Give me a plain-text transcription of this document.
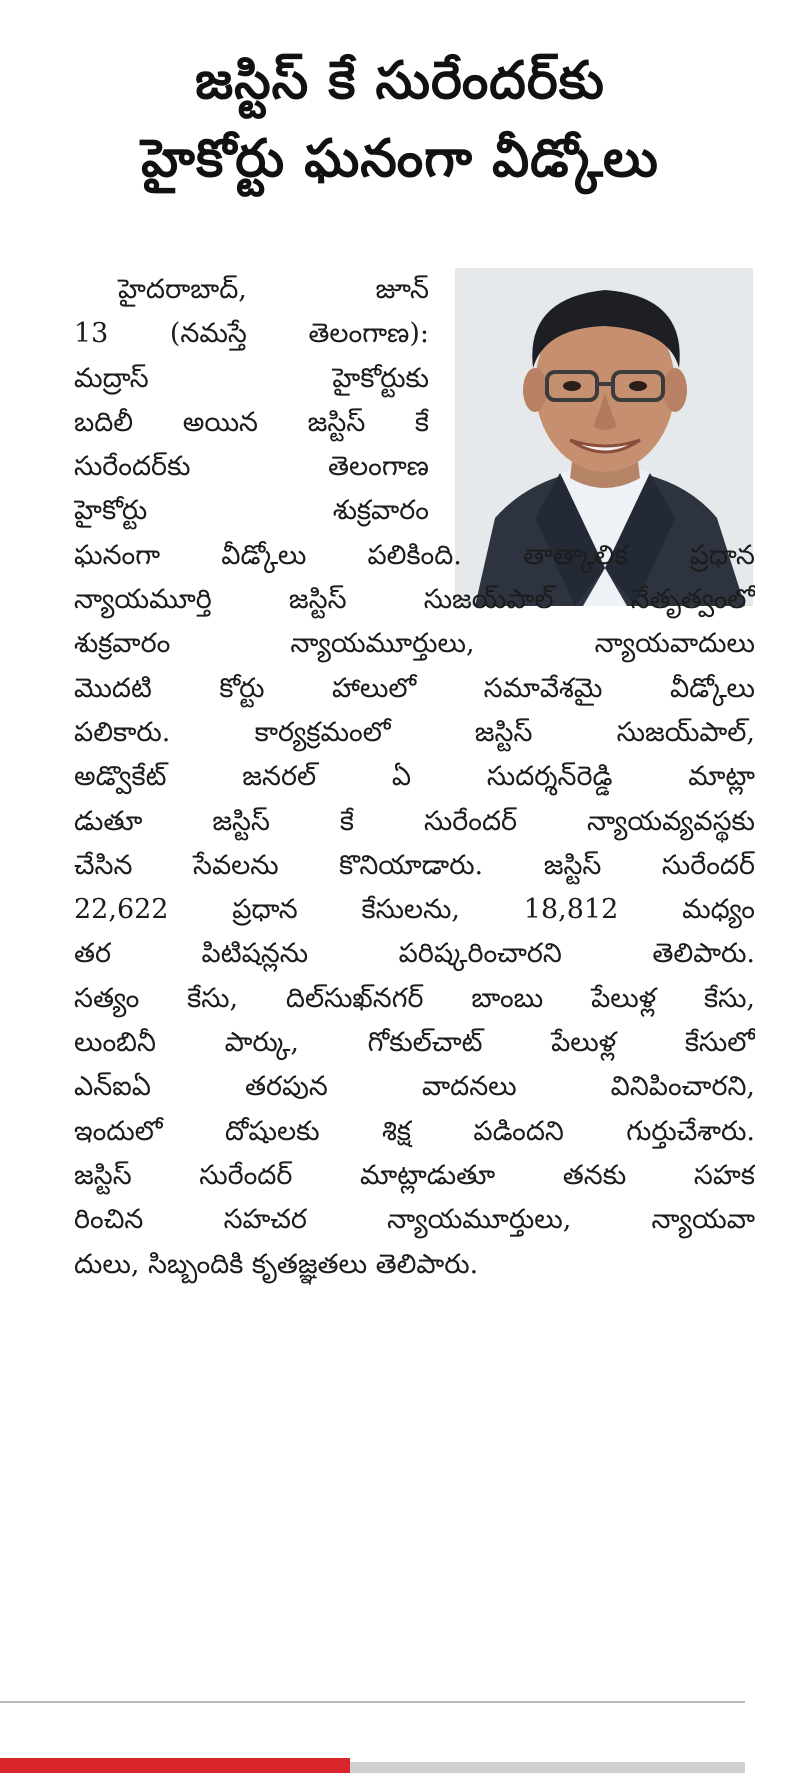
జస్టిస్ కే సురేందర్‌కు
హైకోర్టు ఘనంగా వీడ్కోలు
హైదరాబాద్‌, జూన్
13 (నమస్తే తెలంగాణ):
మద్రాస్ హైకోర్టుకు
బదిలీ అయిన జస్టిస్ కే
సురేందర్‌కు తెలంగాణ
హైకోర్టు శుక్రవారం
ఘనంగా వీడ్కోలు పలికింది. తాత్కాలిక ప్రధాన
న్యాయమూర్తి జస్టిస్ సుజయ్‌పాల్ నేతృత్వంలో
శుక్రవారం న్యాయమూర్తులు, న్యాయవాదులు
మొదటి కోర్టు హాలులో సమావేశమై వీడ్కోలు
పలికారు. కార్యక్రమంలో జస్టిస్ సుజయ్‌పాల్,
అడ్వొకేట్ జనరల్ ఏ సుదర్శన్‌రెడ్డి మాట్లా
డుతూ జస్టిస్ కే సురేందర్ న్యాయవ్యవస్థకు
చేసిన సేవలను కొనియాడారు. జస్టిస్ సురేందర్
22,622 ప్రధాన కేసులను, 18,812 మధ్యం
తర పిటిషన్లను పరిష్కరించారని తెలిపారు.
సత్యం కేసు, దిల్‌సుఖ్‌నగర్ బాంబు పేలుళ్ల కేసు,
లుంబినీ పార్కు, గోకుల్‌చాట్ పేలుళ్ల కేసులో
ఎన్ఐఏ తరపున వాదనలు వినిపించారని,
ఇందులో దోషులకు శిక్ష పడిందని గుర్తుచేశారు.
జస్టిస్ సురేందర్ మాట్లాడుతూ తనకు సహక
రించిన సహచర న్యాయమూర్తులు, న్యాయవా
దులు, సిబ్బందికి కృతజ్ఞతలు తెలిపారు.
